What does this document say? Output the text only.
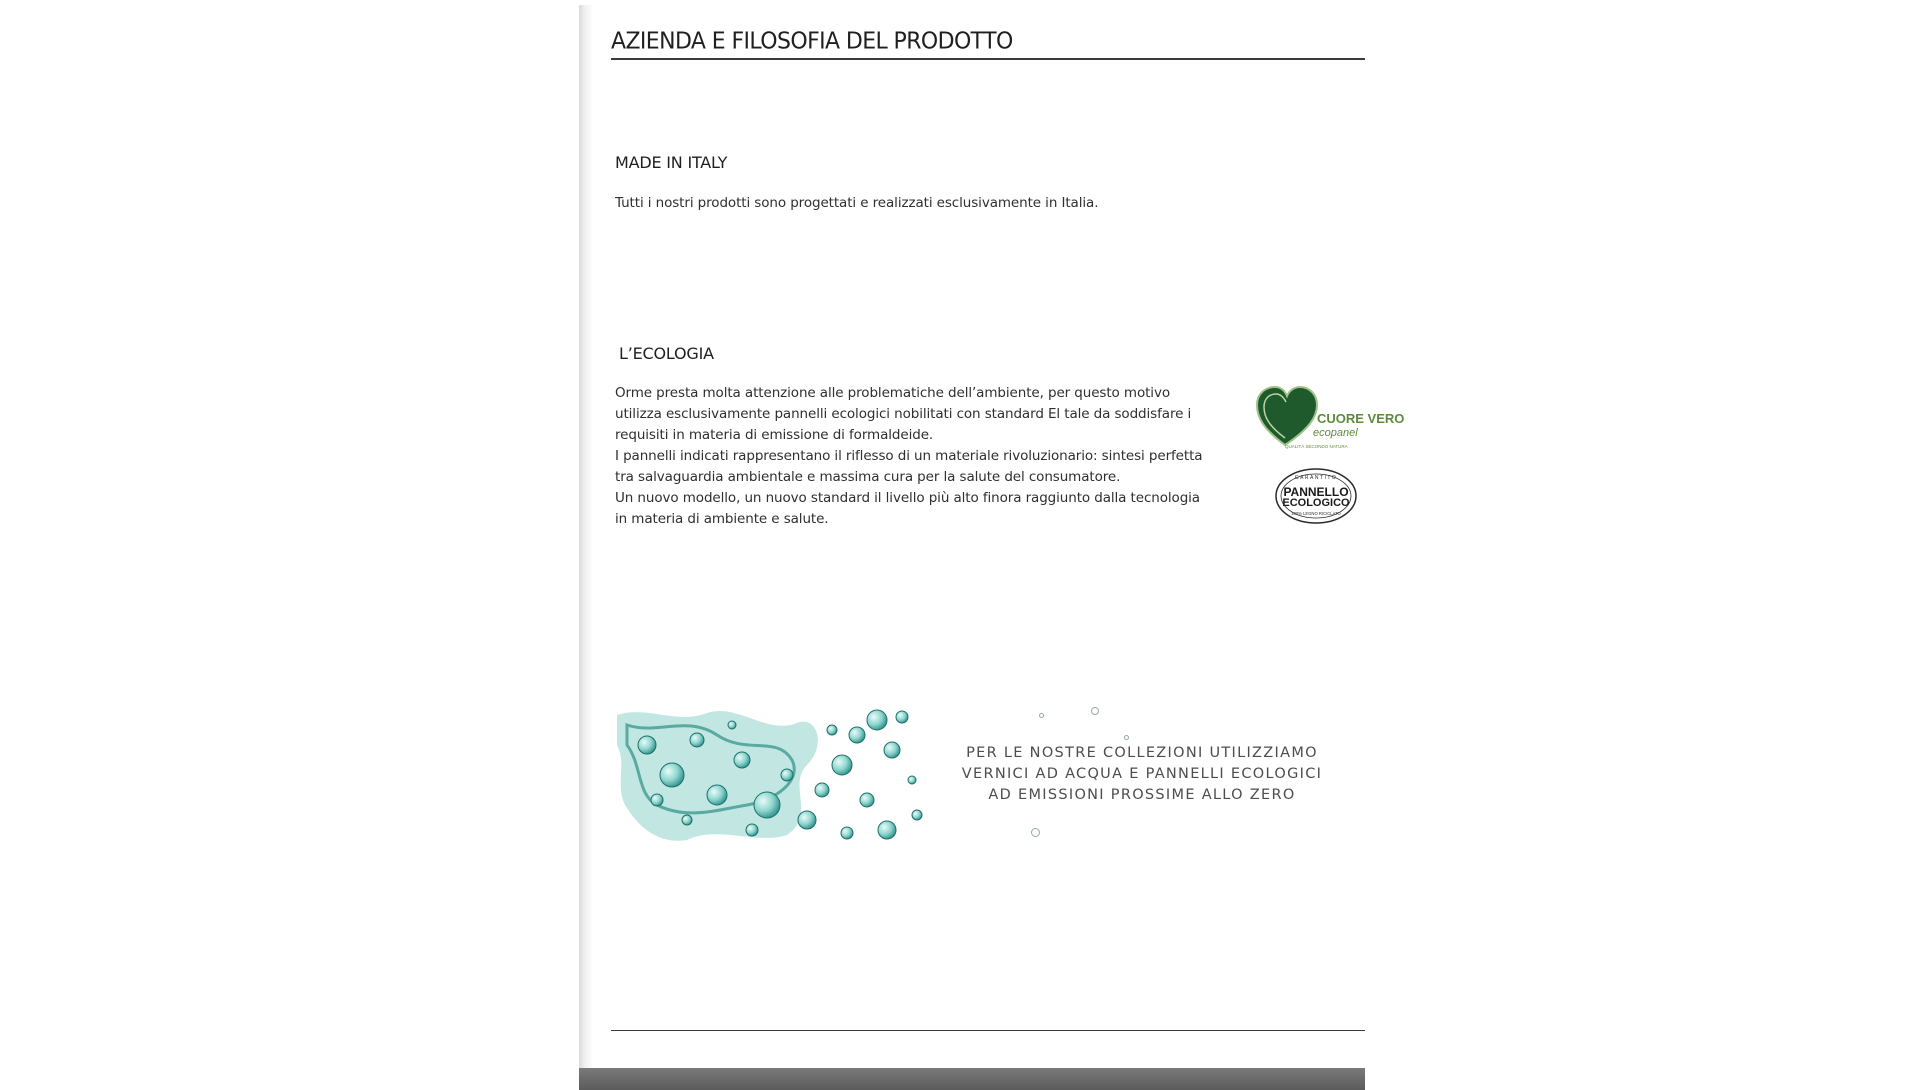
AZIENDA E FILOSOFIA DEL PRODOTTO
MADE IN ITALY

Tutti i nostri prodotti sono progettati e realizzati esclusivamente in Italia.

L’ECOLOGIA

Orme presta molta attenzione alle problematiche dell’ambiente, per questo motivo
utilizza esclusivamente pannelli ecologici nobilitati con standard El tale da soddisfare i
requisiti in materia di emissione di formaldeide.
I pannelli indicati rappresentano il riflesso di un materiale rivoluzionario: sintesi perfetta
tra salvaguardia ambientale e massima cura per la salute del consumatore.
Un nuovo modello, un nuovo standard il livello più alto finora raggiunto dalla tecnologia
in materia di ambiente e salute.

CUORE VERO
ecopanel
QUALITÀ SECONDO NATURA
GARANTITO
PANNELLO
ECOLOGICO
100% LEGNO RICICLATO
PER LE NOSTRE COLLEZIONI UTILIZZIAMO
VERNICI AD ACQUA E PANNELLI ECOLOGICI
AD EMISSIONI PROSSIME ALLO ZERO
